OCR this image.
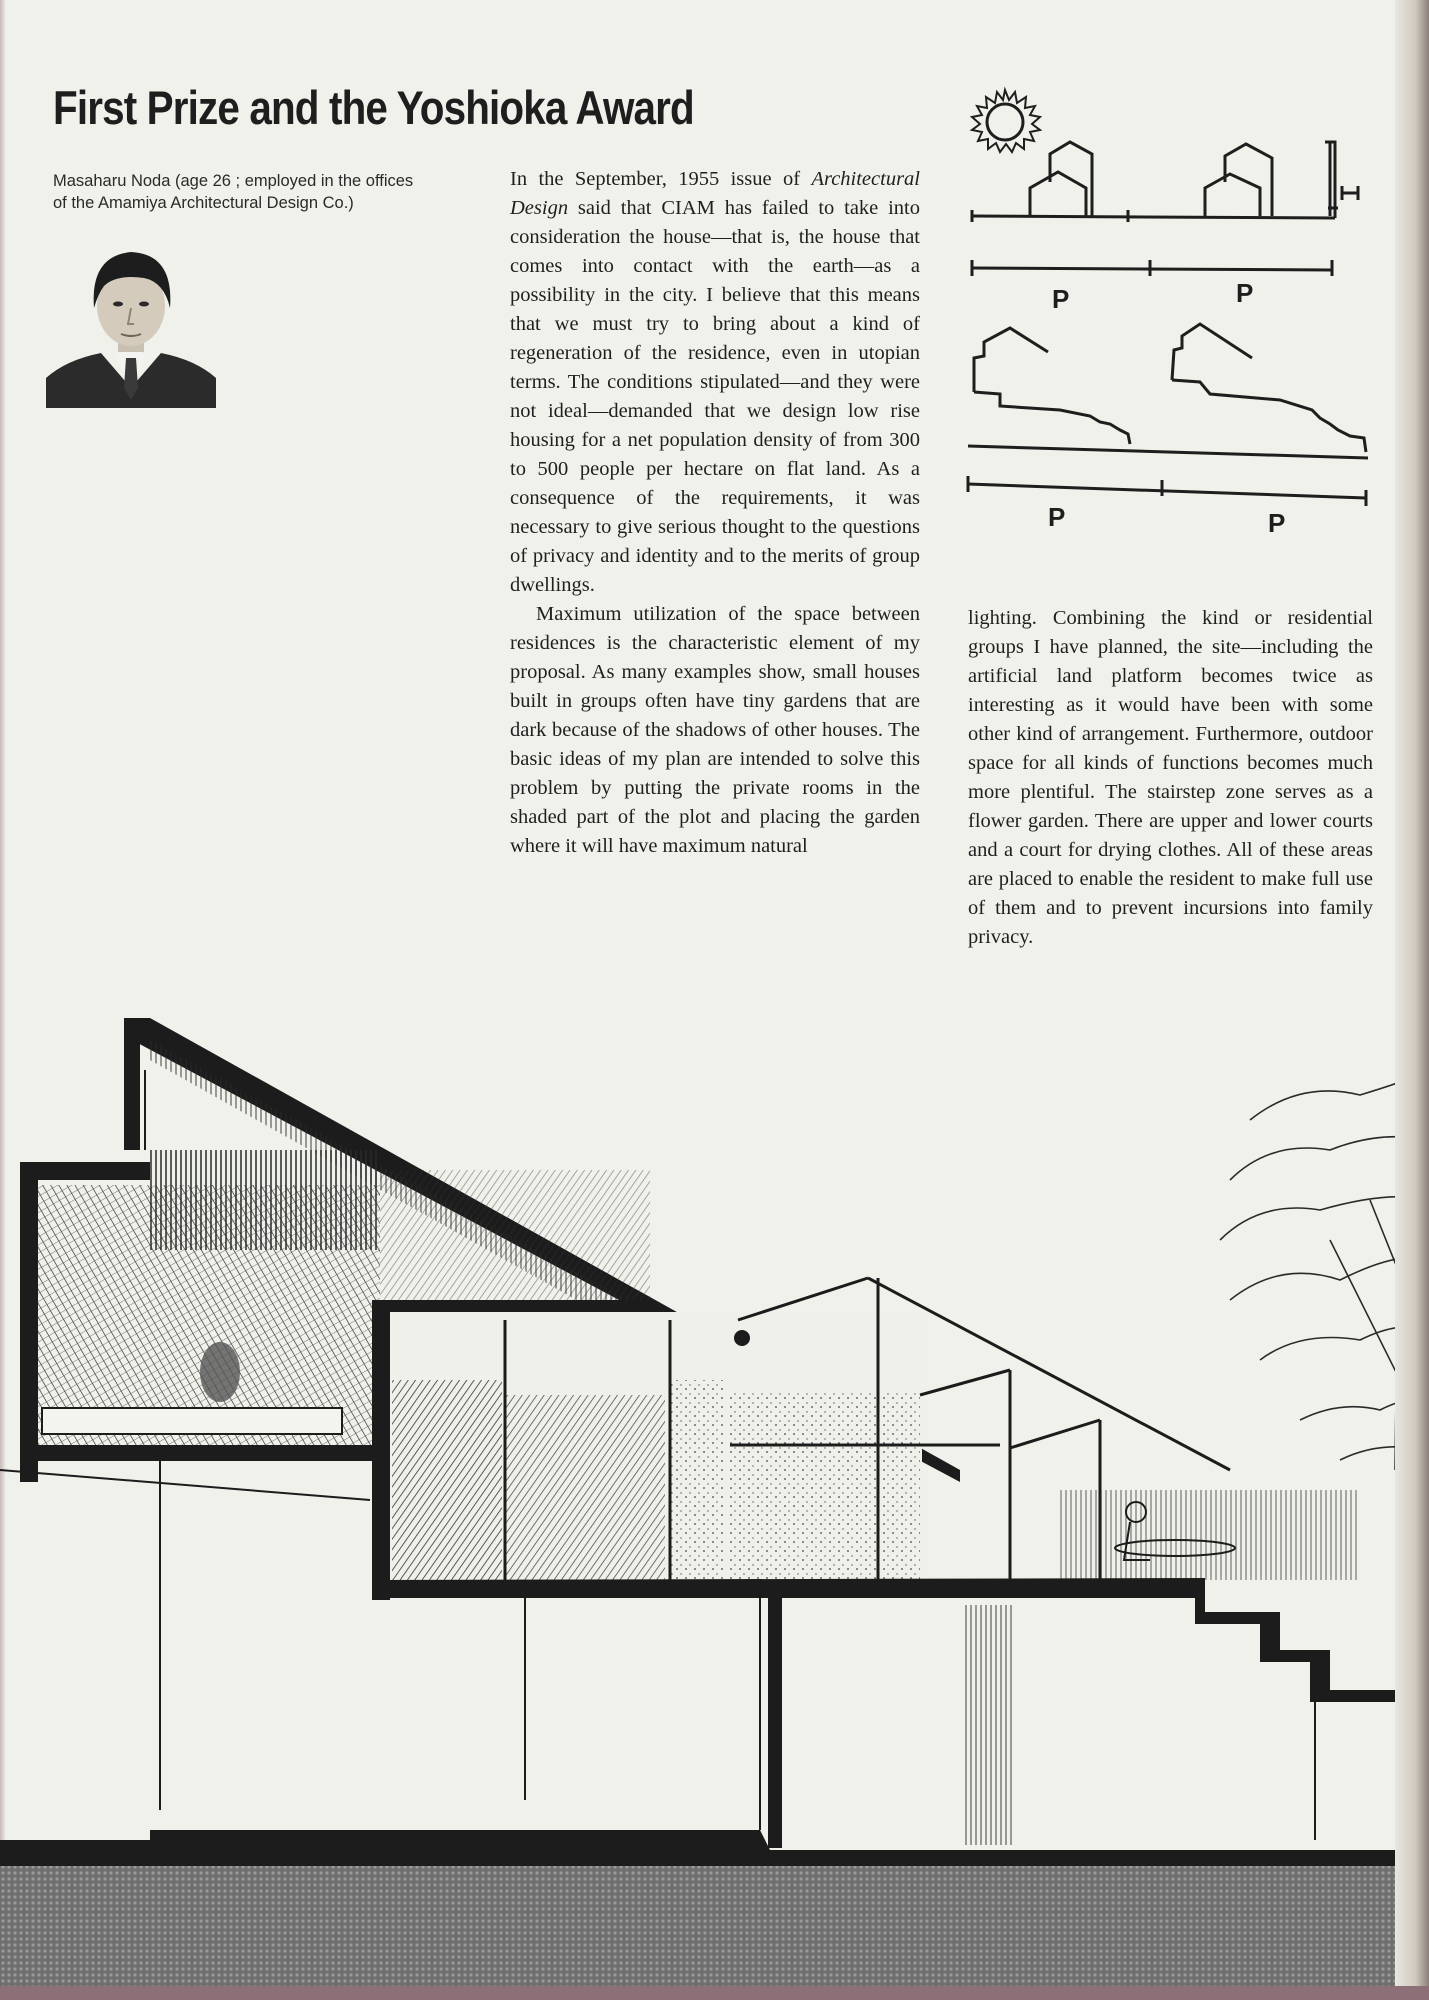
First Prize and the Yoshioka Award
Masaharu Noda (age 26 ; employed in the offices
of the Amamiya Architectural Design Co.)

In the September, 1955 issue of Architectural Design said that CIAM has failed to take into consideration the house—that is, the house that comes into contact with the earth—as a possibility in the city. I believe that this means that we must try to bring about a kind of regeneration of the residence, even in utopian terms. The conditions stipulated—and they were not ideal—demanded that we design low rise housing for a net population density of from 300 to 500 people per hectare on flat land. As a consequence of the requirements, it was necessary to give serious thought to the questions of privacy and identity and to the merits of group dwellings.

Maximum utilization of the space between residences is the characteristic element of my proposal. As many examples show, small houses built in groups often have tiny gardens that are dark because of the shadows of other houses. The basic ideas of my plan are intended to solve this problem by putting the private rooms in the shaded part of the plot and placing the garden where it will have maximum natural

lighting. Combining the kind or residential groups I have planned, the site—including the artificial land platform becomes twice as interesting as it would have been with some other kind of arrangement. Furthermore, outdoor space for all kinds of functions becomes much more plentiful. The stairstep zone serves as a flower garden. There are upper and lower courts and a court for drying clothes. All of these areas are placed to enable the resident to make full use of them and to prevent incursions into family privacy.

P	P
P	P
